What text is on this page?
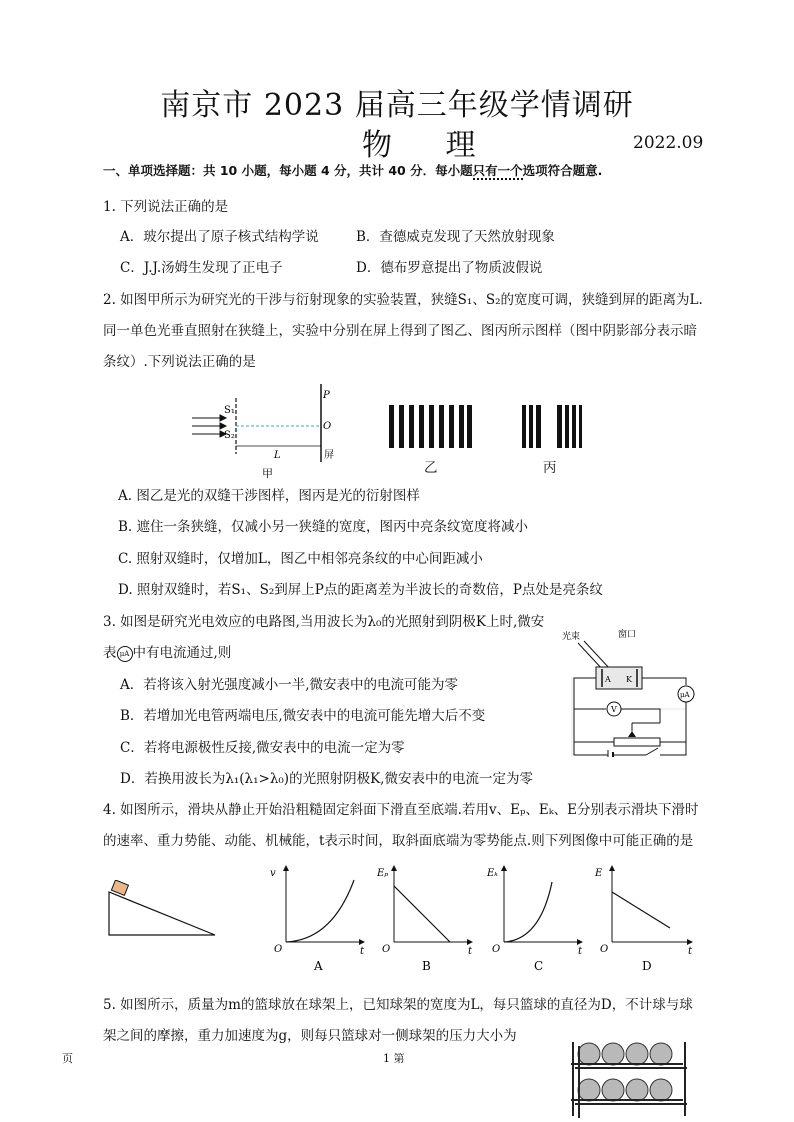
南京市 2023 届高三年级学情调研
物 理	2022.09
一、单项选择题：共 10 小题，每小题 4 分，共计 40 分．每小题只有一个选项符合题意.
1. 下列说法正确的是
A．玻尔提出了原子核式结构学说	B．查德威克发现了天然放射现象
C．J.J.汤姆生发现了正电子	D．德布罗意提出了物质波假说
2. 如图甲所示为研究光的干涉与衍射现象的实验装置，狭缝S₁、S₂的宽度可调，狭缝到屏的距离为L.
同一单色光垂直照射在狭缝上，实验中分别在屏上得到了图乙、图丙所示图样（图中阴影部分表示暗
条纹）.下列说法正确的是
S₁
S₂
P
O
L	屏
甲	乙	丙
A. 图乙是光的双缝干涉图样，图丙是光的衍射图样
B. 遮住一条狭缝，仅减小另一狭缝的宽度，图丙中亮条纹宽度将减小
C. 照射双缝时，仅增加L，图乙中相邻亮条纹的中心间距减小
D. 照射双缝时，若S₁、S₂到屏上P点的距离差为半波长的奇数倍，P点处是亮条纹
3. 如图是研究光电效应的电路图,当用波长为λ₀的光照射到阴极K上时,微安
表 μA 中有电流通过,则
光束	窗口
A K
μA
V
A．若将该入射光强度减小一半,微安表中的电流可能为零
B．若增加光电管两端电压,微安表中的电流可能先增大后不变
C．若将电源极性反接,微安表中的电流一定为零
D．若换用波长为λ₁(λ₁>λ₀)的光照射阴极K,微安表中的电流一定为零
4. 如图所示，滑块从静止开始沿粗糙固定斜面下滑直至底端.若用v、Eₚ、Eₖ、E分别表示滑块下滑时
的速率、重力势能、动能、机械能，t表示时间，取斜面底端为零势能点.则下列图像中可能正确的是
v
O	t
Eₚ
O	t
Eₖ
O	t
E
O	t
A	B	C	D
5. 如图所示，质量为m的篮球放在球架上，已知球架的宽度为L，每只篮球的直径为D，不计球与球
架之间的摩擦，重力加速度为g，则每只篮球对一侧球架的压力大小为
页	1 第
